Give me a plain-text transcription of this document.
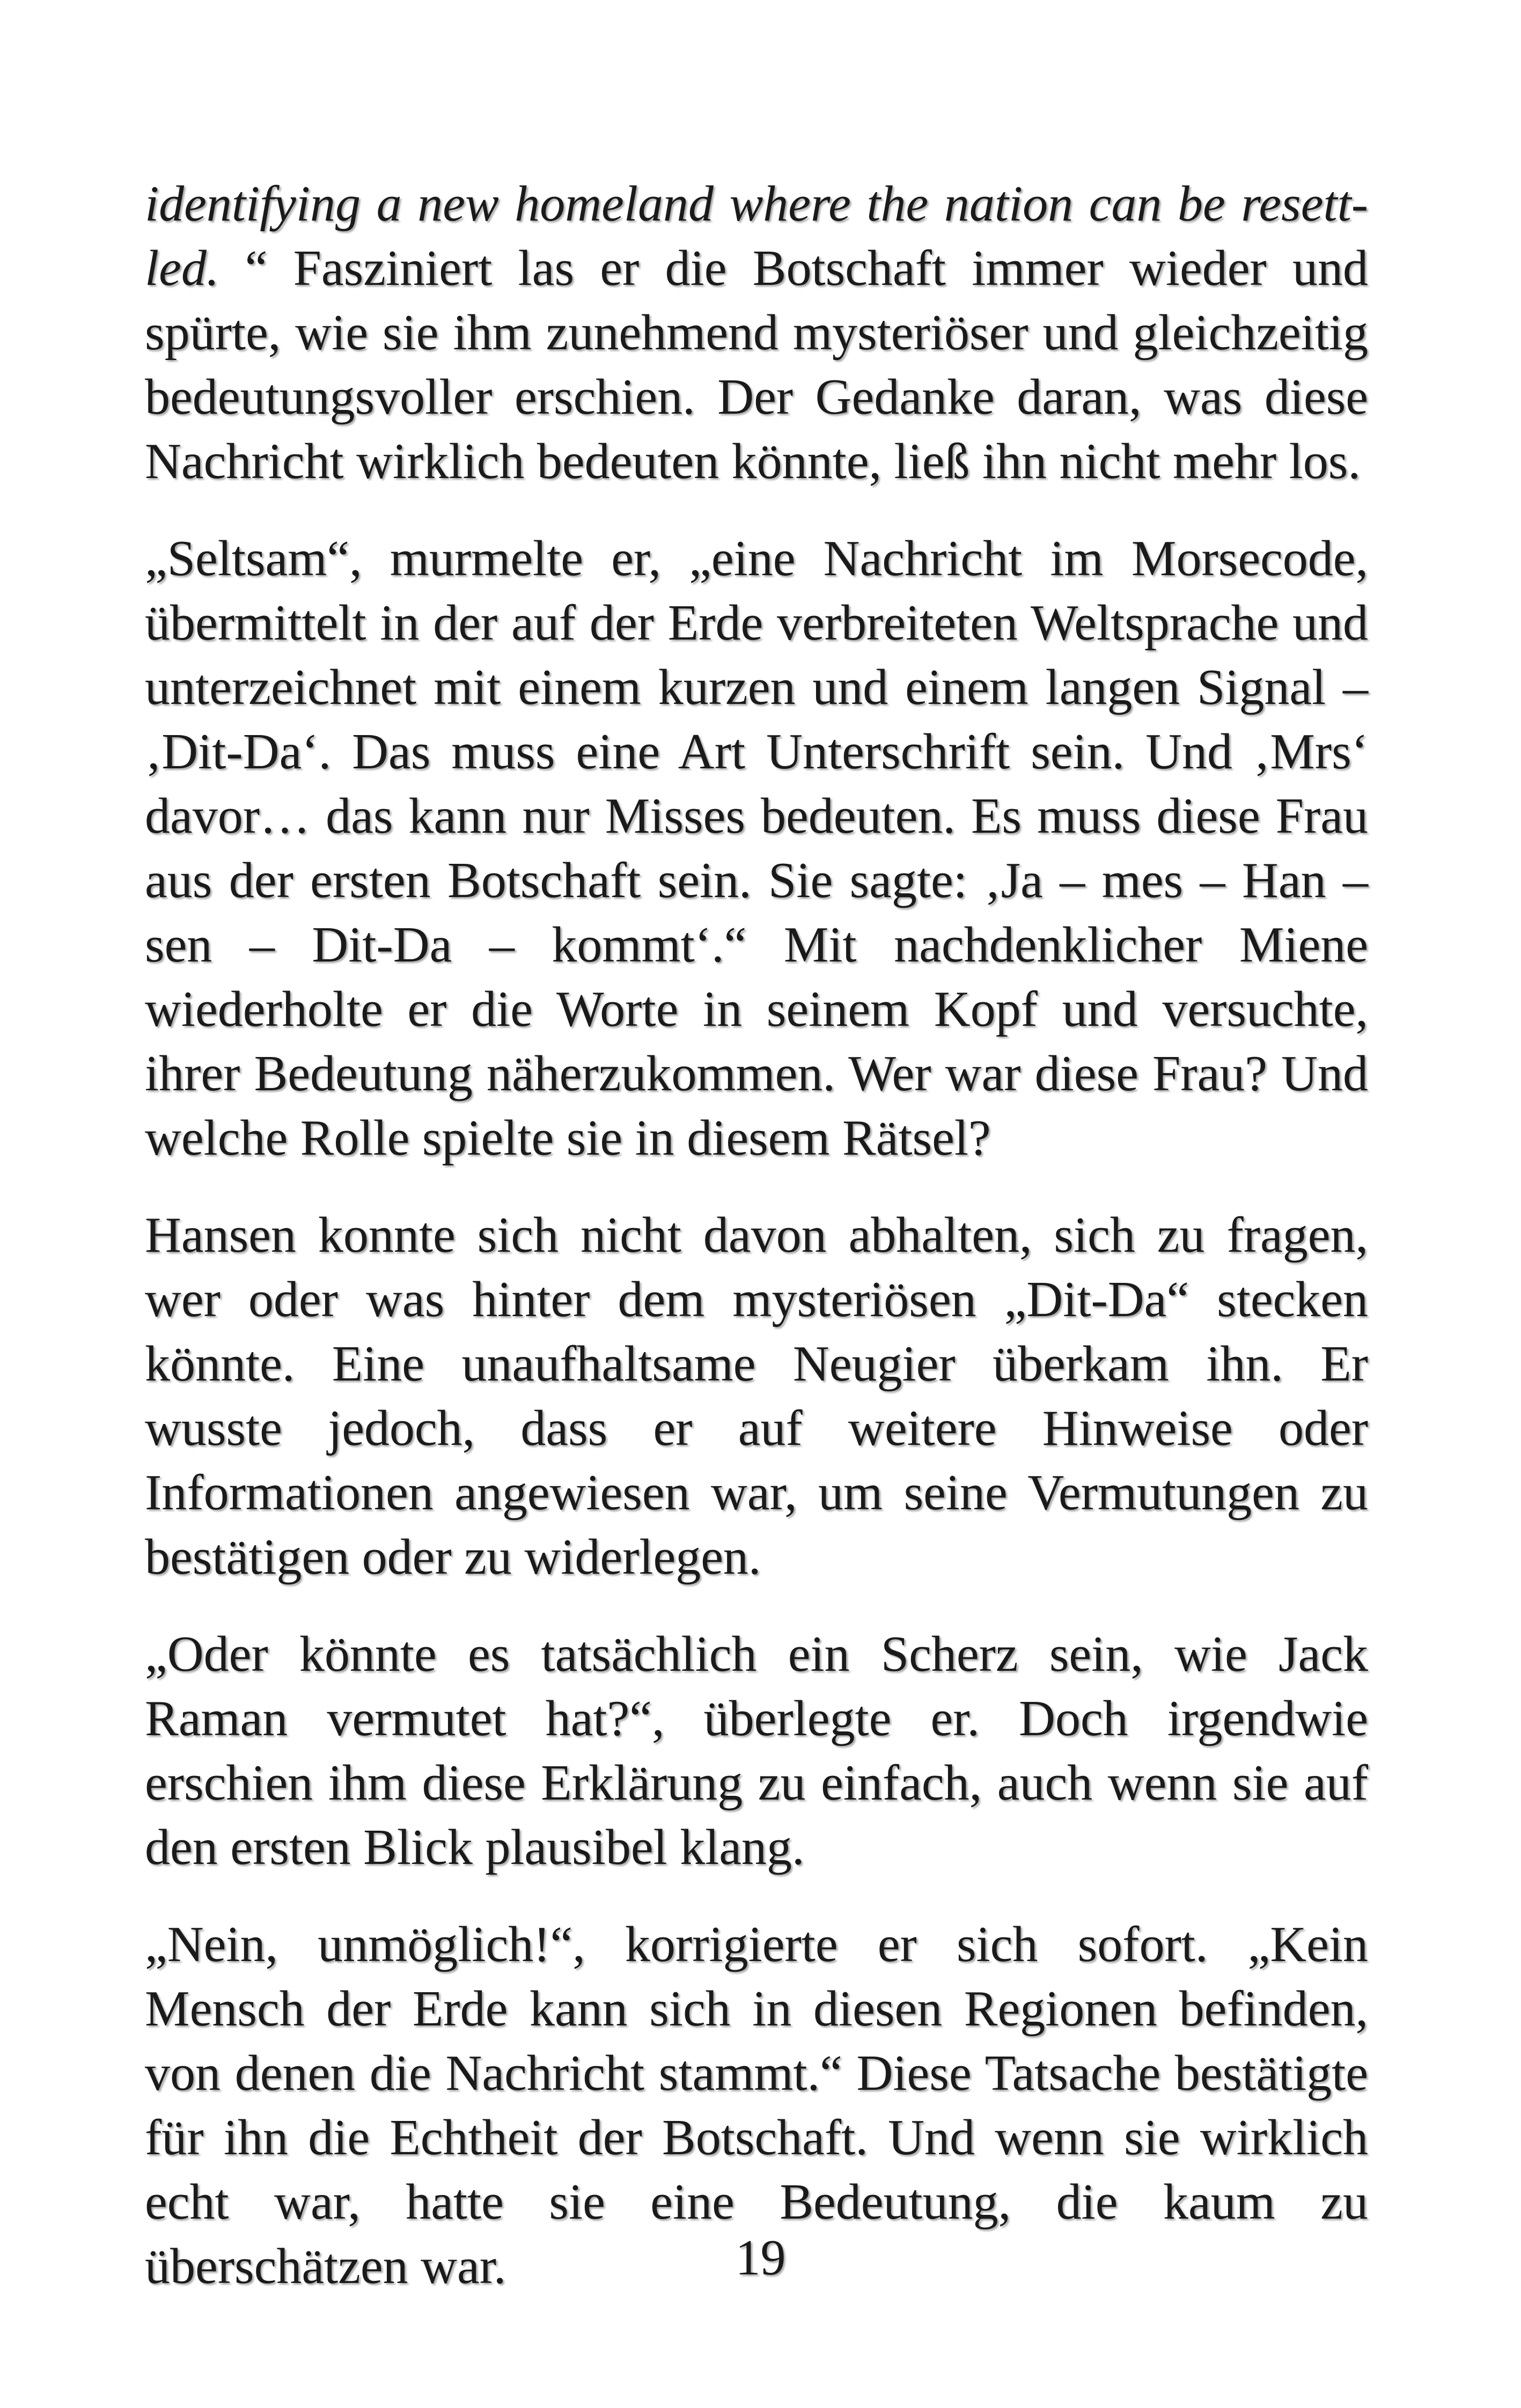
identifying a new homeland where the nation can be resettled. “ Fasziniert las er die Botschaft immer wieder und spürte, wie sie ihm zunehmend mysteriöser und gleichzeitig bedeutungsvoller erschien. Der Gedanke daran, was diese Nachricht wirklich bedeuten könnte, ließ ihn nicht mehr los.

„Seltsam“, murmelte er, „eine Nachricht im Morsecode, übermittelt in der auf der Erde verbreiteten Weltsprache und unterzeichnet mit einem kurzen und einem langen Signal – ‚Dit-Da‘. Das muss eine Art Unterschrift sein. Und ‚Mrs‘ davor… das kann nur Misses bedeuten. Es muss diese Frau aus der ersten Botschaft sein. Sie sagte: ‚Ja – mes – Han – sen – Dit-Da – kommt‘.“ Mit nachdenklicher Miene wiederholte er die Worte in seinem Kopf und versuchte, ihrer Bedeutung näherzukommen. Wer war diese Frau? Und welche Rolle spielte sie in diesem Rätsel?

Hansen konnte sich nicht davon abhalten, sich zu fragen, wer oder was hinter dem mysteriösen „Dit-Da“ stecken könnte. Eine unaufhaltsame Neugier überkam ihn. Er wusste jedoch, dass er auf weitere Hinweise oder Informationen angewiesen war, um seine Vermutungen zu bestätigen oder zu widerlegen.

„Oder könnte es tatsächlich ein Scherz sein, wie Jack Raman vermutet hat?“, überlegte er. Doch irgendwie erschien ihm diese Erklärung zu einfach, auch wenn sie auf den ersten Blick plausibel klang.

„Nein, unmöglich!“, korrigierte er sich sofort. „Kein Mensch der Erde kann sich in diesen Regionen befinden, von denen die Nachricht stammt.“ Diese Tatsache bestätigte für ihn die Echtheit der Botschaft. Und wenn sie wirklich echt war, hatte sie eine Bedeutung, die kaum zu überschätzen war.	19
